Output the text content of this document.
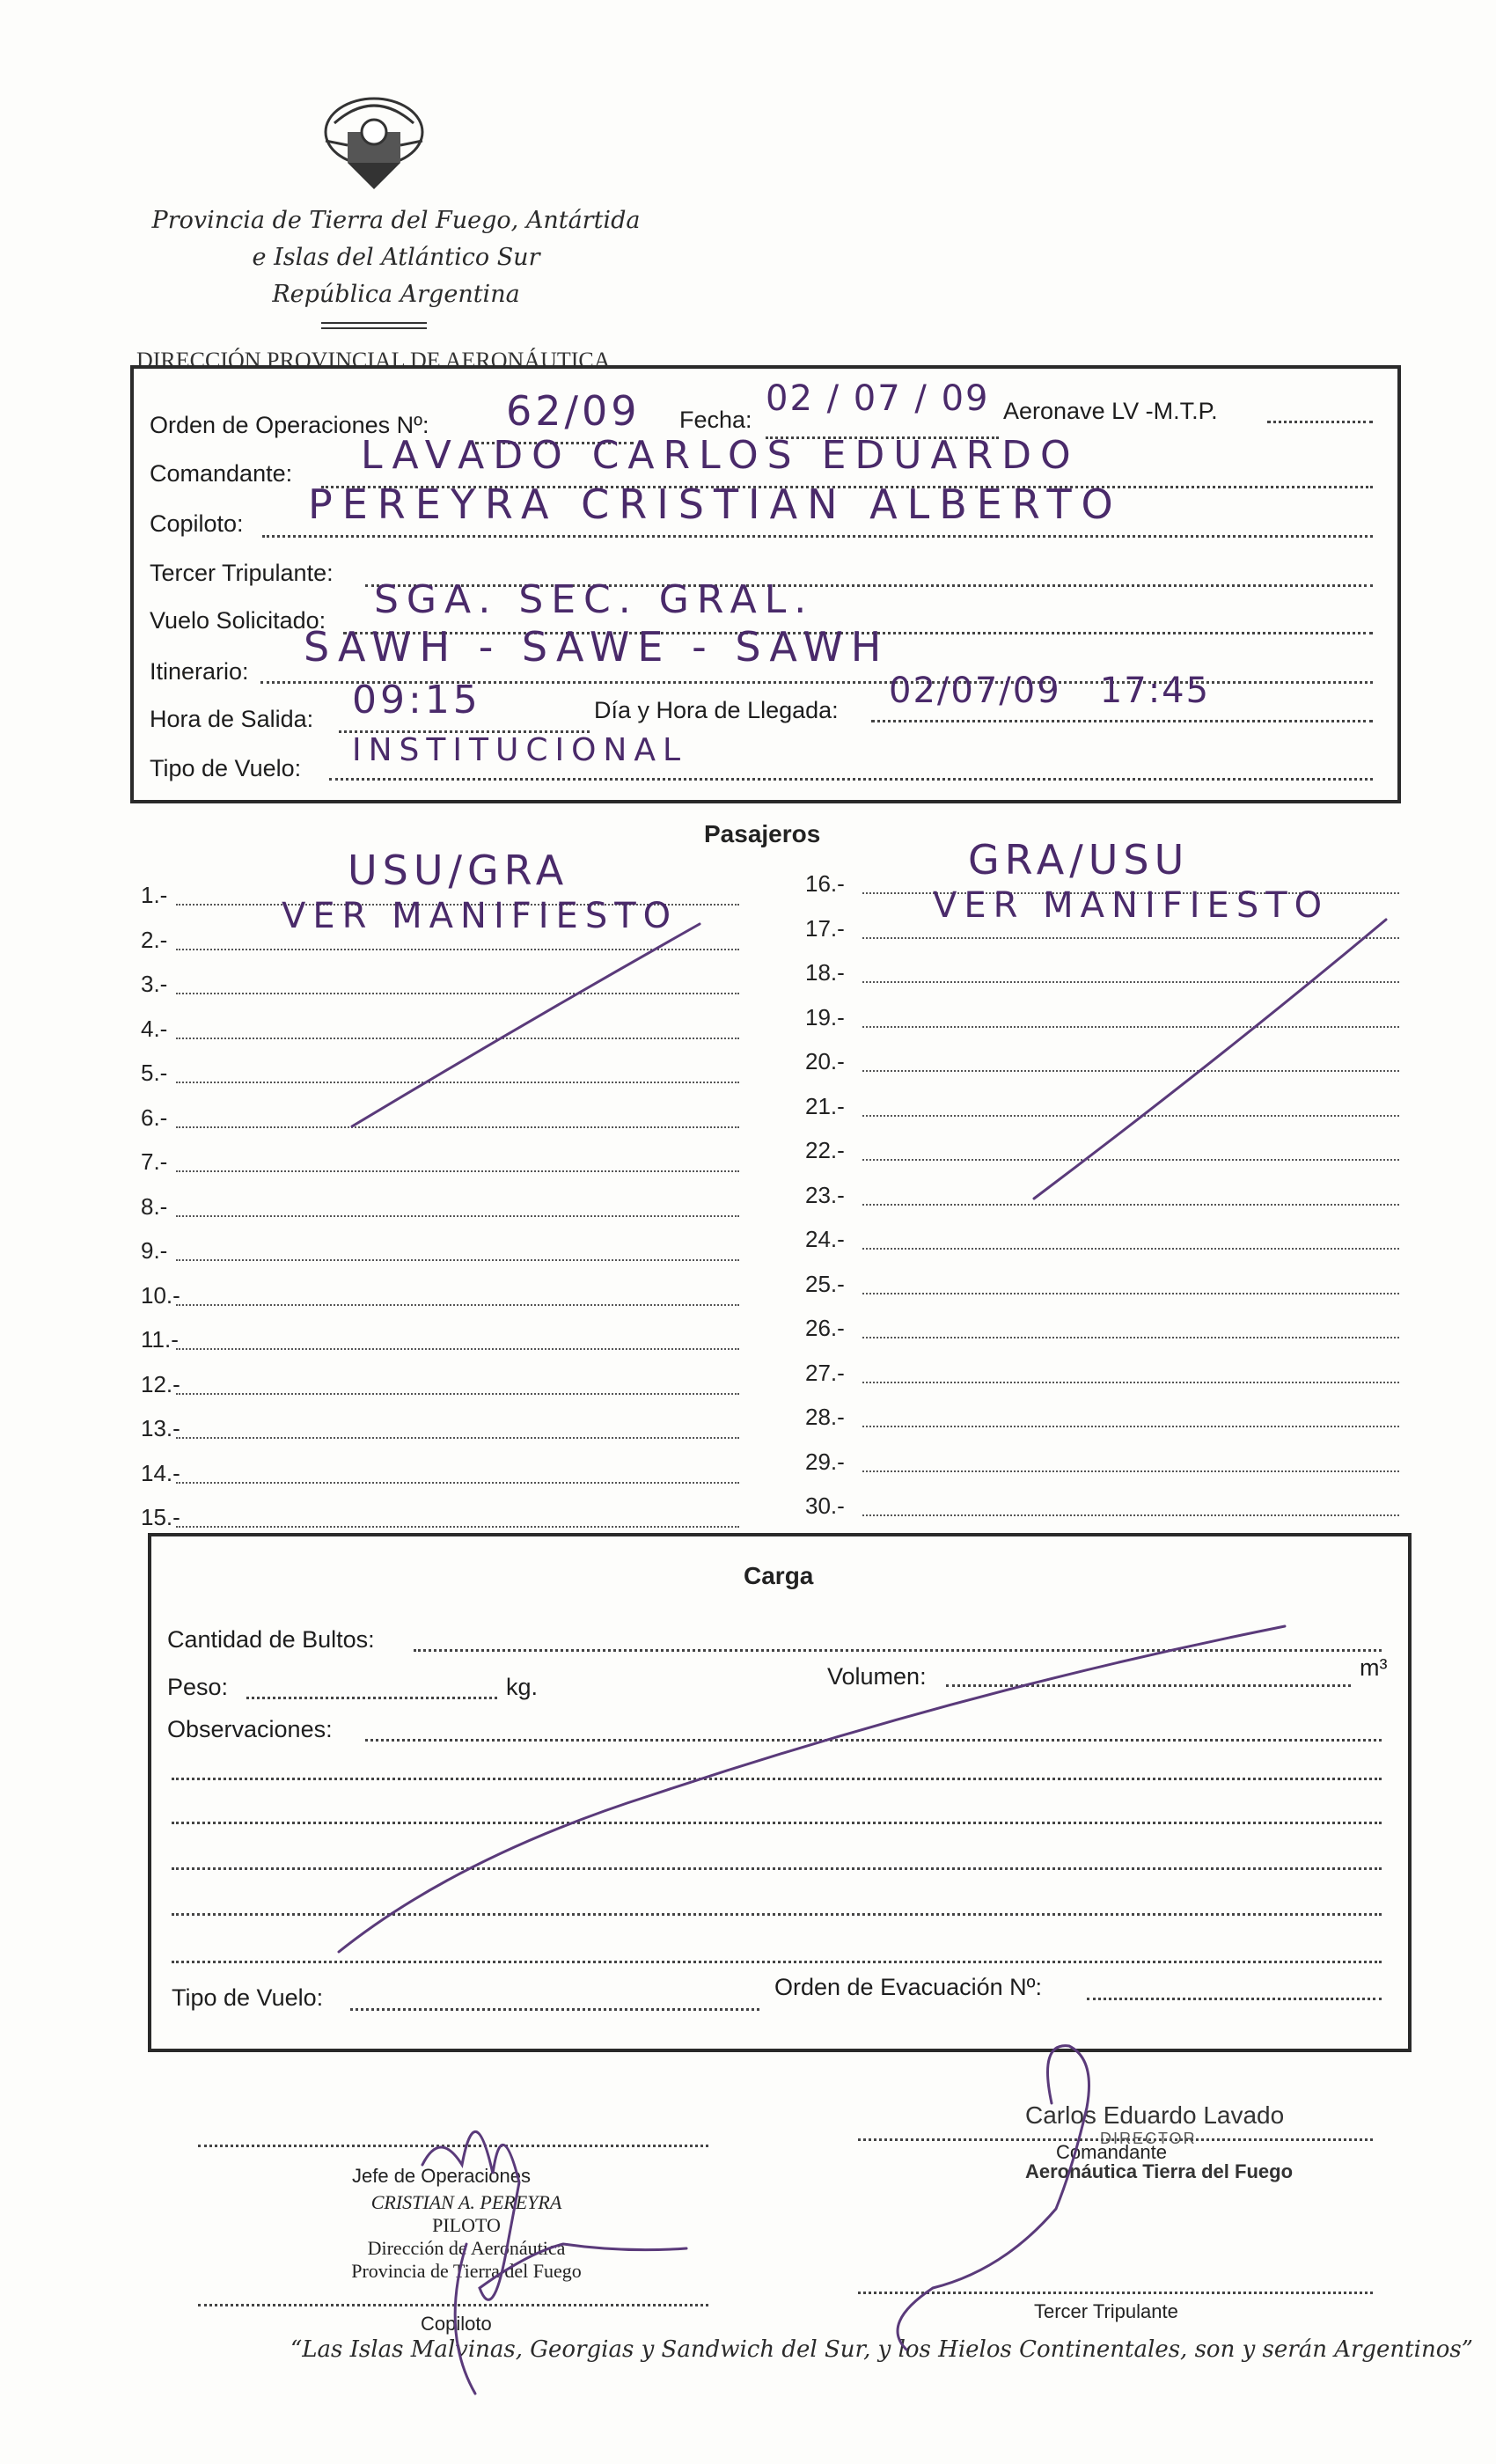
Provincia de Tierra del Fuego, Antártida
e Islas del Atlántico Sur
República Argentina
DIRECCIÓN PROVINCIAL DE AERONÁUTICA
Orden de Operaciones Nº: 62/09 Fecha:
02 / 07 / 09 Aeronave LV -M.T.P.
Comandante: LAVADO CARLOS EDUARDO
Copiloto: PEREYRA CRISTIAN ALBERTO
Tercer Tripulante:
Vuelo Solicitado: SGA. SEC. GRAL.
Itinerario:
SAWH - SAWE - SAWH
Hora de Salida: 09:15	Día y Hora de Llegada: 02/07/09   17:45
Tipo de Vuelo: INSTITUCIONAL
Pasajeros
1.-
2.-
3.-
4.-
5.-
6.-
7.-
8.-
9.-
10.-
11.-
12.-
13.-
14.-
15.-
16.-
17.-
18.-
19.-
20.-
21.-
22.-
23.-
24.-
25.-
26.-
27.-
28.-
29.-
30.-
USU/GRA
VER MANIFIESTO
GRA/USU
VER MANIFIESTO
Carga
Cantidad de Bultos:
Peso:	kg.	Volumen:	m³
Observaciones:
Tipo de Vuelo:	Orden de Evacuación Nº:
Jefe de Operaciones
CRISTIAN A. PEREYRA
PILOTO
Dirección de Aeronáutica
Provincia de Tierra del Fuego
Copiloto
Carlos Eduardo Lavado
DIRECTOR
Comandante
Aeronáutica Tierra del Fuego
Tercer Tripulante
“Las Islas Malvinas, Georgias y Sandwich del Sur, y los Hielos Continentales, son y serán Argentinos”
